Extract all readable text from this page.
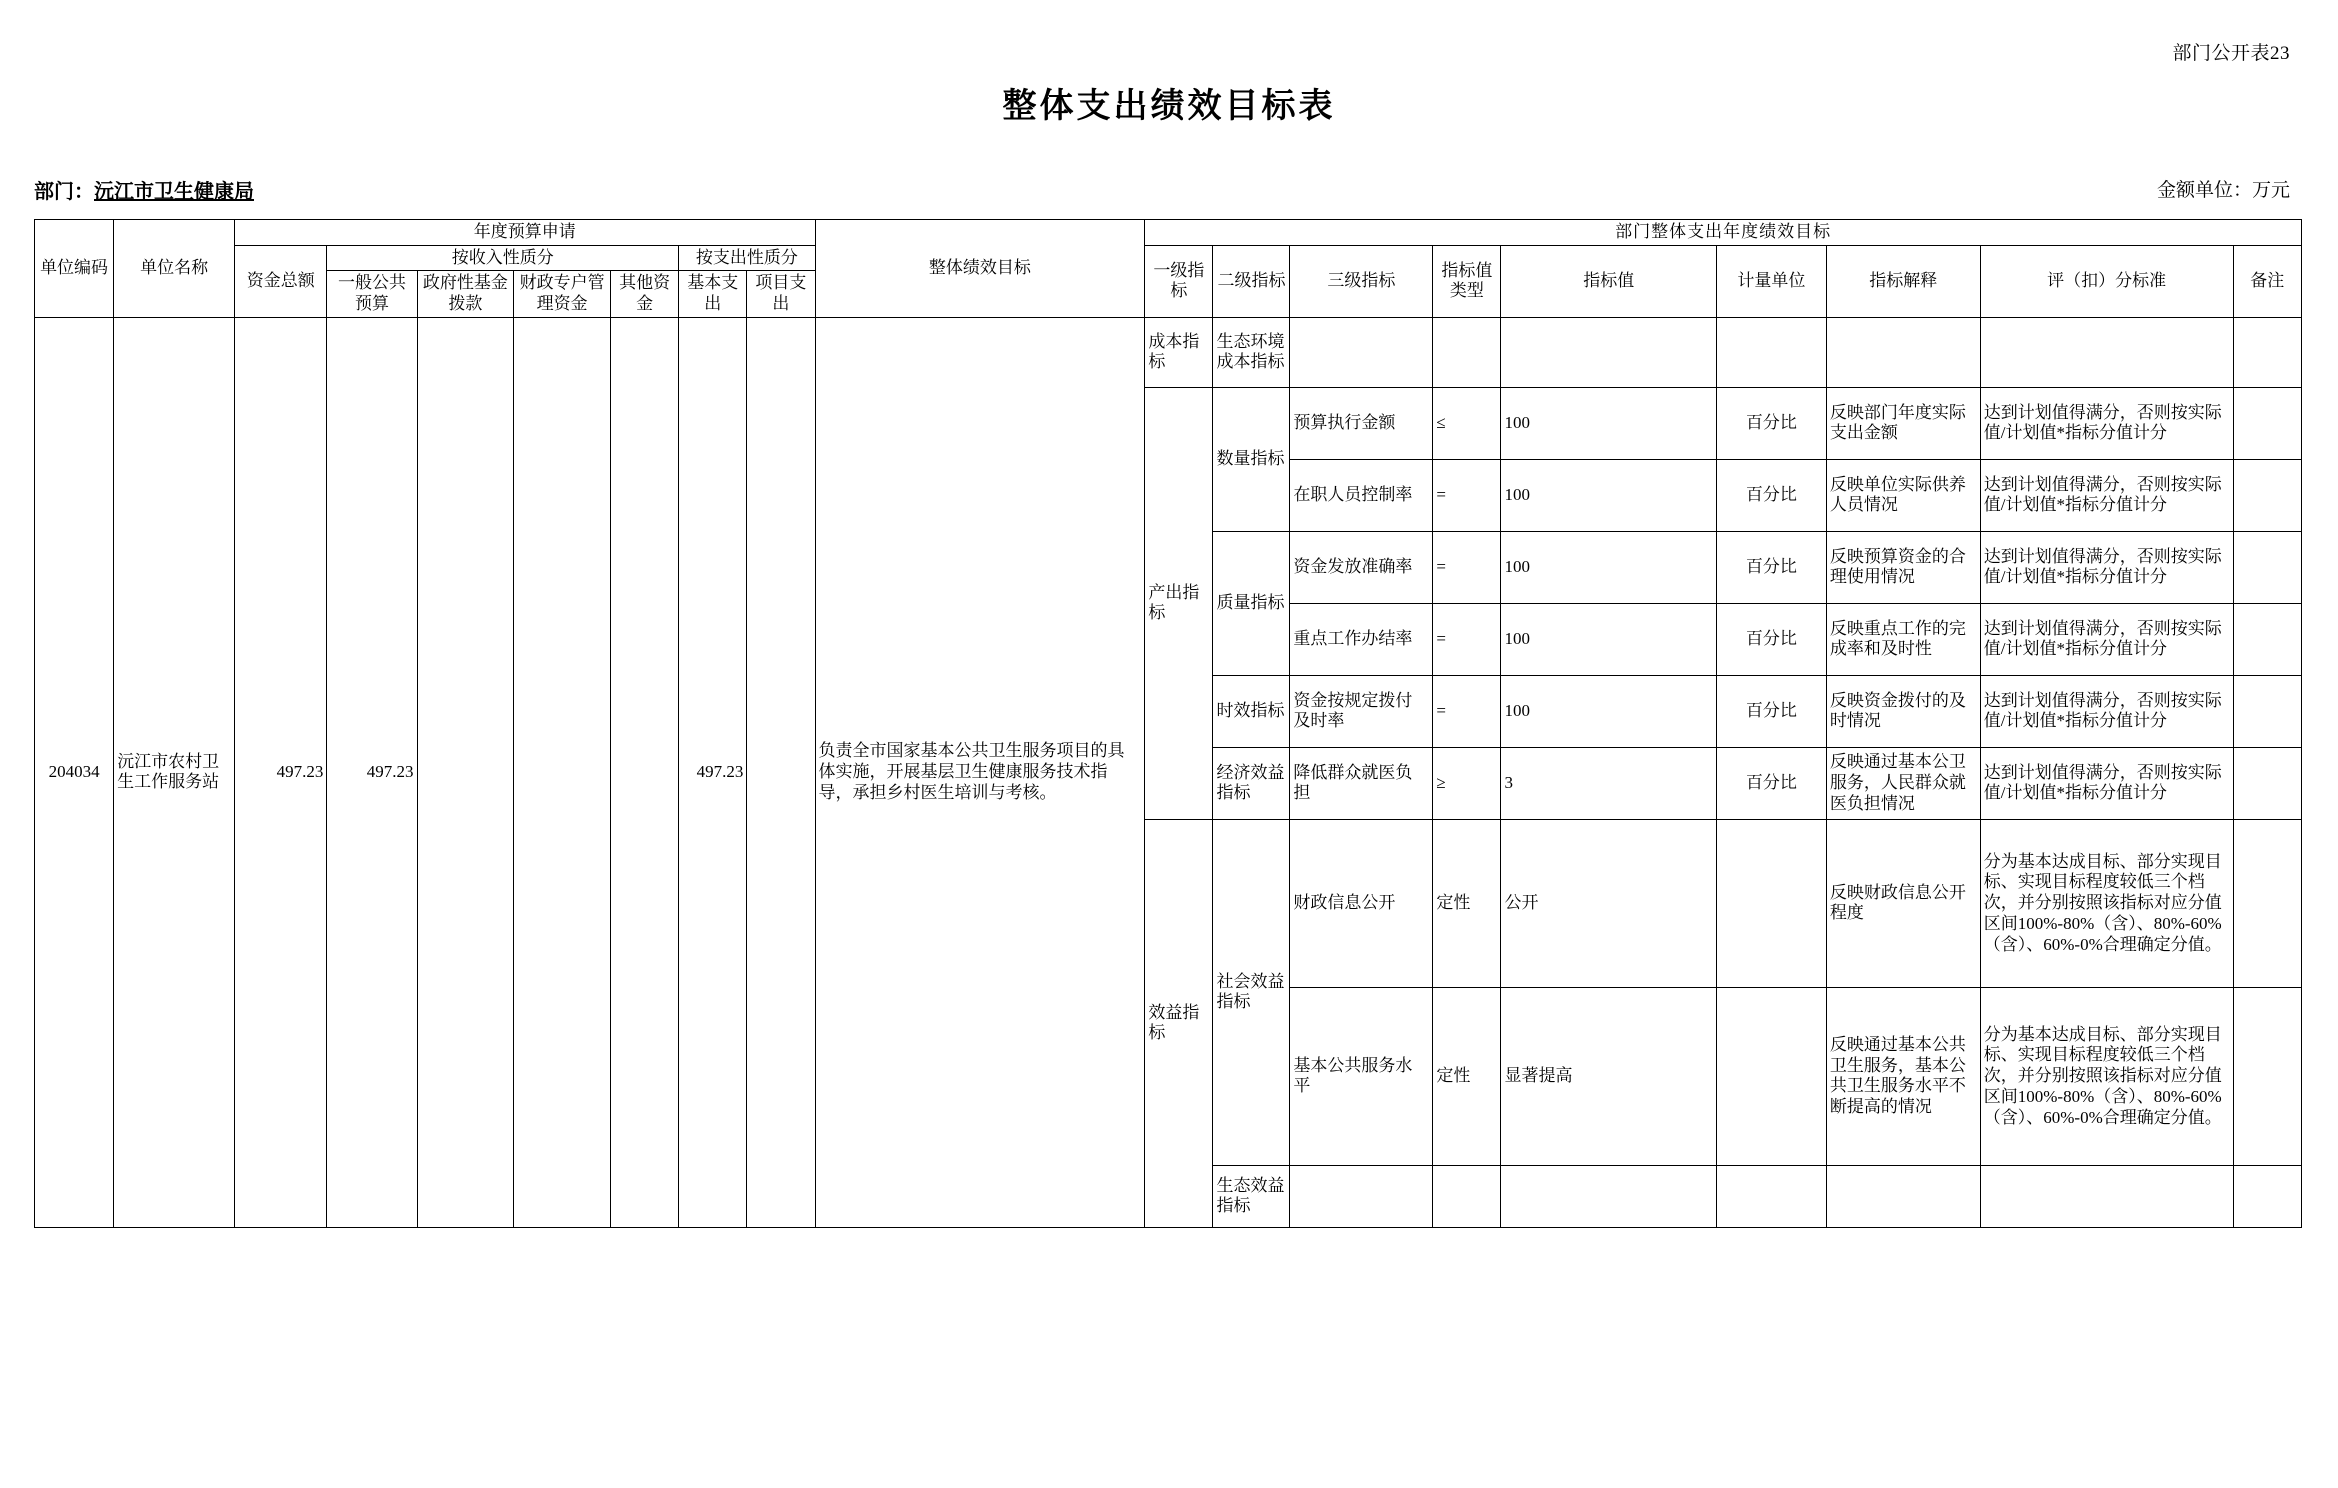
部门公开表23
整体支出绩效目标表
部门：沅江市卫生健康局	金额单位：万元
单位编码	单位名称	年度预算申请							整体绩效目标	部门整体支出年度绩效目标								
		资金总额	按收入性质分				按支出性质分			一级指标	二级指标	三级指标	指标值类型	指标值	计量单位	指标解释	评（扣）分标准	备注
			一般公共预算	政府性基金拨款	财政专户管理资金	其他资金	基本支出	项目支出										
204034	沅江市农村卫生工作服务站	497.23	497.23				497.23		负责全市国家基本公共卫生服务项目的具体实施，开展基层卫生健康服务技术指导，承担乡村医生培训与考核。	成本指标	生态环境成本指标							
										产出指标	数量指标	预算执行金额	≤	100	百分比	反映部门年度实际支出金额	达到计划值得满分，否则按实际值/计划值*指标分值计分	
												在职人员控制率	=	100	百分比	反映单位实际供养人员情况	达到计划值得满分，否则按实际值/计划值*指标分值计分	
											质量指标	资金发放准确率	=	100	百分比	反映预算资金的合理使用情况	达到计划值得满分，否则按实际值/计划值*指标分值计分	
												重点工作办结率	=	100	百分比	反映重点工作的完成率和及时性	达到计划值得满分，否则按实际值/计划值*指标分值计分	
											时效指标	资金按规定拨付及时率	=	100	百分比	反映资金拨付的及时情况	达到计划值得满分，否则按实际值/计划值*指标分值计分	
											经济效益指标	降低群众就医负担	≥	3	百分比	反映通过基本公卫服务，人民群众就医负担情况	达到计划值得满分，否则按实际值/计划值*指标分值计分	
										效益指标	社会效益指标	财政信息公开	定性	公开		反映财政信息公开程度	分为基本达成目标、部分实现目标、实现目标程度较低三个档次，并分别按照该指标对应分值区间100%-80%（含）、80%-60%（含）、60%-0%合理确定分值。	
												基本公共服务水平	定性	显著提高		反映通过基本公共卫生服务，基本公共卫生服务水平不断提高的情况	分为基本达成目标、部分实现目标、实现目标程度较低三个档次，并分别按照该指标对应分值区间100%-80%（含）、80%-60%（含）、60%-0%合理确定分值。	
											生态效益指标							
